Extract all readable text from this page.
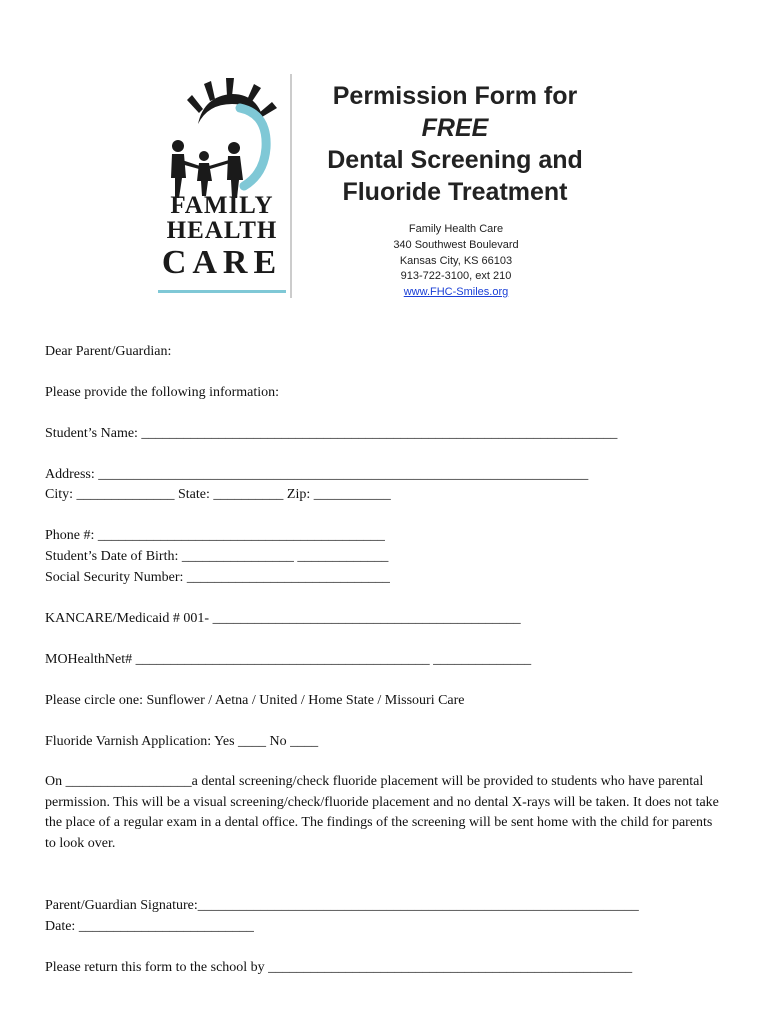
FAMILY
HEALTH
CARE
Permission Form for
FREE
Dental Screening and
Fluoride Treatment
Family Health Care
340 Southwest Boulevard
Kansas City, KS 66103
913-722-3100, ext 210
www.FHC-Smiles.org
Dear Parent/Guardian:
Please provide the following information:
Student’s Name: ____________________________________________________________________
Address: ______________________________________________________________________
City: ______________ State: __________ Zip: ___________
Phone #: _________________________________________
Student’s Date of Birth: ________________ _____________
Social Security Number: _____________________________
KANCARE/Medicaid # 001- ____________________________________________
MOHealthNet# __________________________________________ ______________
Please circle one: Sunflower / Aetna / United / Home State / Missouri Care
Fluoride Varnish Application: Yes ____ No ____
On __________________a dental screening/check fluoride placement will be provided to students who have parental permission. This will be a visual screening/check/fluoride placement and no dental X-rays will be taken. It does not take the place of a regular exam in a dental office. The findings of the screening will be sent home with the child for parents to look over.
Parent/Guardian Signature:_______________________________________________________________
Date: _________________________
Please return this form to the school by ____________________________________________________
